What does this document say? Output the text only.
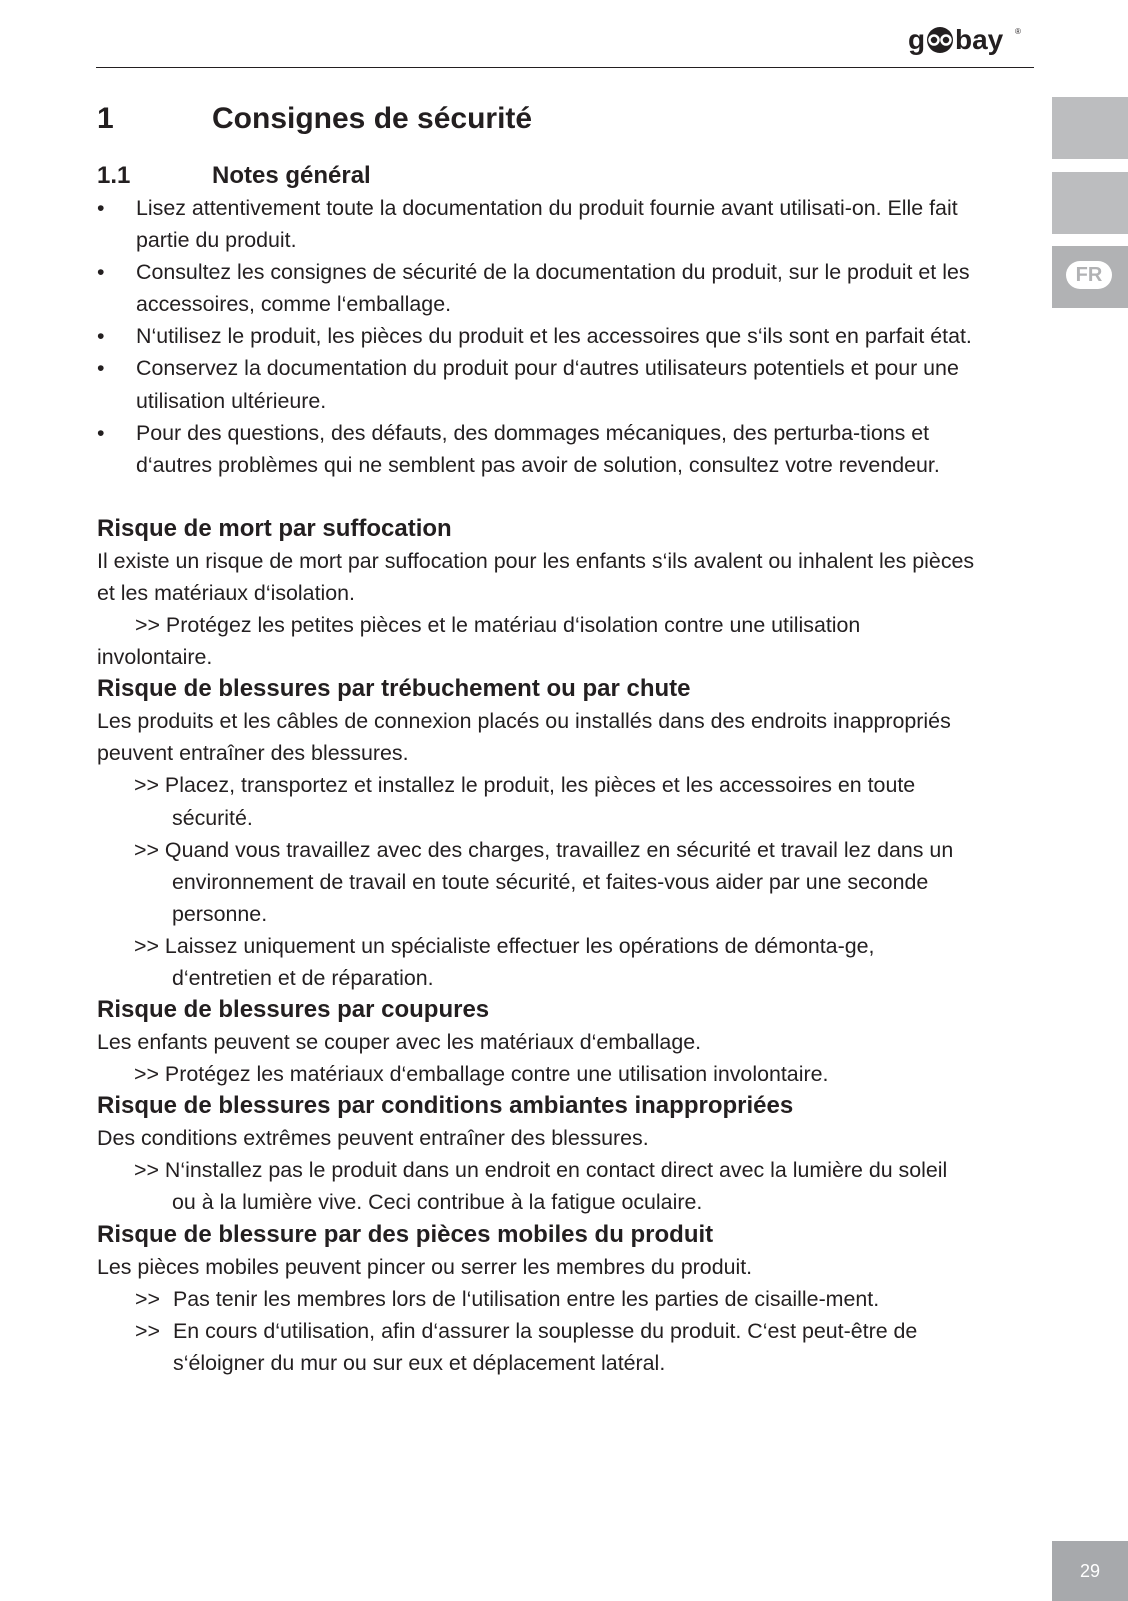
g bay ®
FR
1	Consignes de sécurité
1.1	Notes général
• Lisez attentivement toute la documentation du produit fournie avant utilisati-on. Elle fait partie du produit.
• Consultez les consignes de sécurité de la documentation du produit, sur le produit et les accessoires, comme l‘emballage.
• N‘utilisez le produit, les pièces du produit et les accessoires que s‘ils sont en parfait état.
• Conservez la documentation du produit pour d‘autres utilisateurs potentiels et pour une utilisation ultérieure.
• Pour des questions, des défauts, des dommages mécaniques, des perturba-tions et d‘autres problèmes qui ne semblent pas avoir de solution, consultez votre revendeur.
Risque de mort par suffocation
Il existe un risque de mort par suffocation pour les enfants s‘ils avalent ou inhalent les pièces et les matériaux d‘isolation.
>> Protégez les petites pièces et le matériau d‘isolation contre une utilisation involontaire.
Risque de blessures par trébuchement ou par chute
Les produits et les câbles de connexion placés ou installés dans des endroits inappropriés peuvent entraîner des blessures.
>> Placez, transportez et installez le produit, les pièces et les accessoires en toute sécurité.
>> Quand vous travaillez avec des charges, travaillez en sécurité et travail lez dans un environnement de travail en toute sécurité, et faites-vous aider par une seconde personne.
>> Laissez uniquement un spécialiste effectuer les opérations de démonta-ge, d‘entretien et de réparation.
Risque de blessures par coupures
Les enfants peuvent se couper avec les matériaux d‘emballage.
>> Protégez les matériaux d‘emballage contre une utilisation involontaire.
Risque de blessures par conditions ambiantes inappropriées
Des conditions extrêmes peuvent entraîner des blessures.
>> N‘installez pas le produit dans un endroit en contact direct avec la lumière du soleil ou à la lumière vive. Ceci contribue à la fatigue oculaire.
Risque de blessure par des pièces mobiles du produit
Les pièces mobiles peuvent pincer ou serrer les membres du produit.
>> Pas tenir les membres lors de l‘utilisation entre les parties de cisaille-ment.
>> En cours d‘utilisation, afin d‘assurer la souplesse du produit. C‘est peut-être de s‘éloigner du mur ou sur eux et déplacement latéral.
29
